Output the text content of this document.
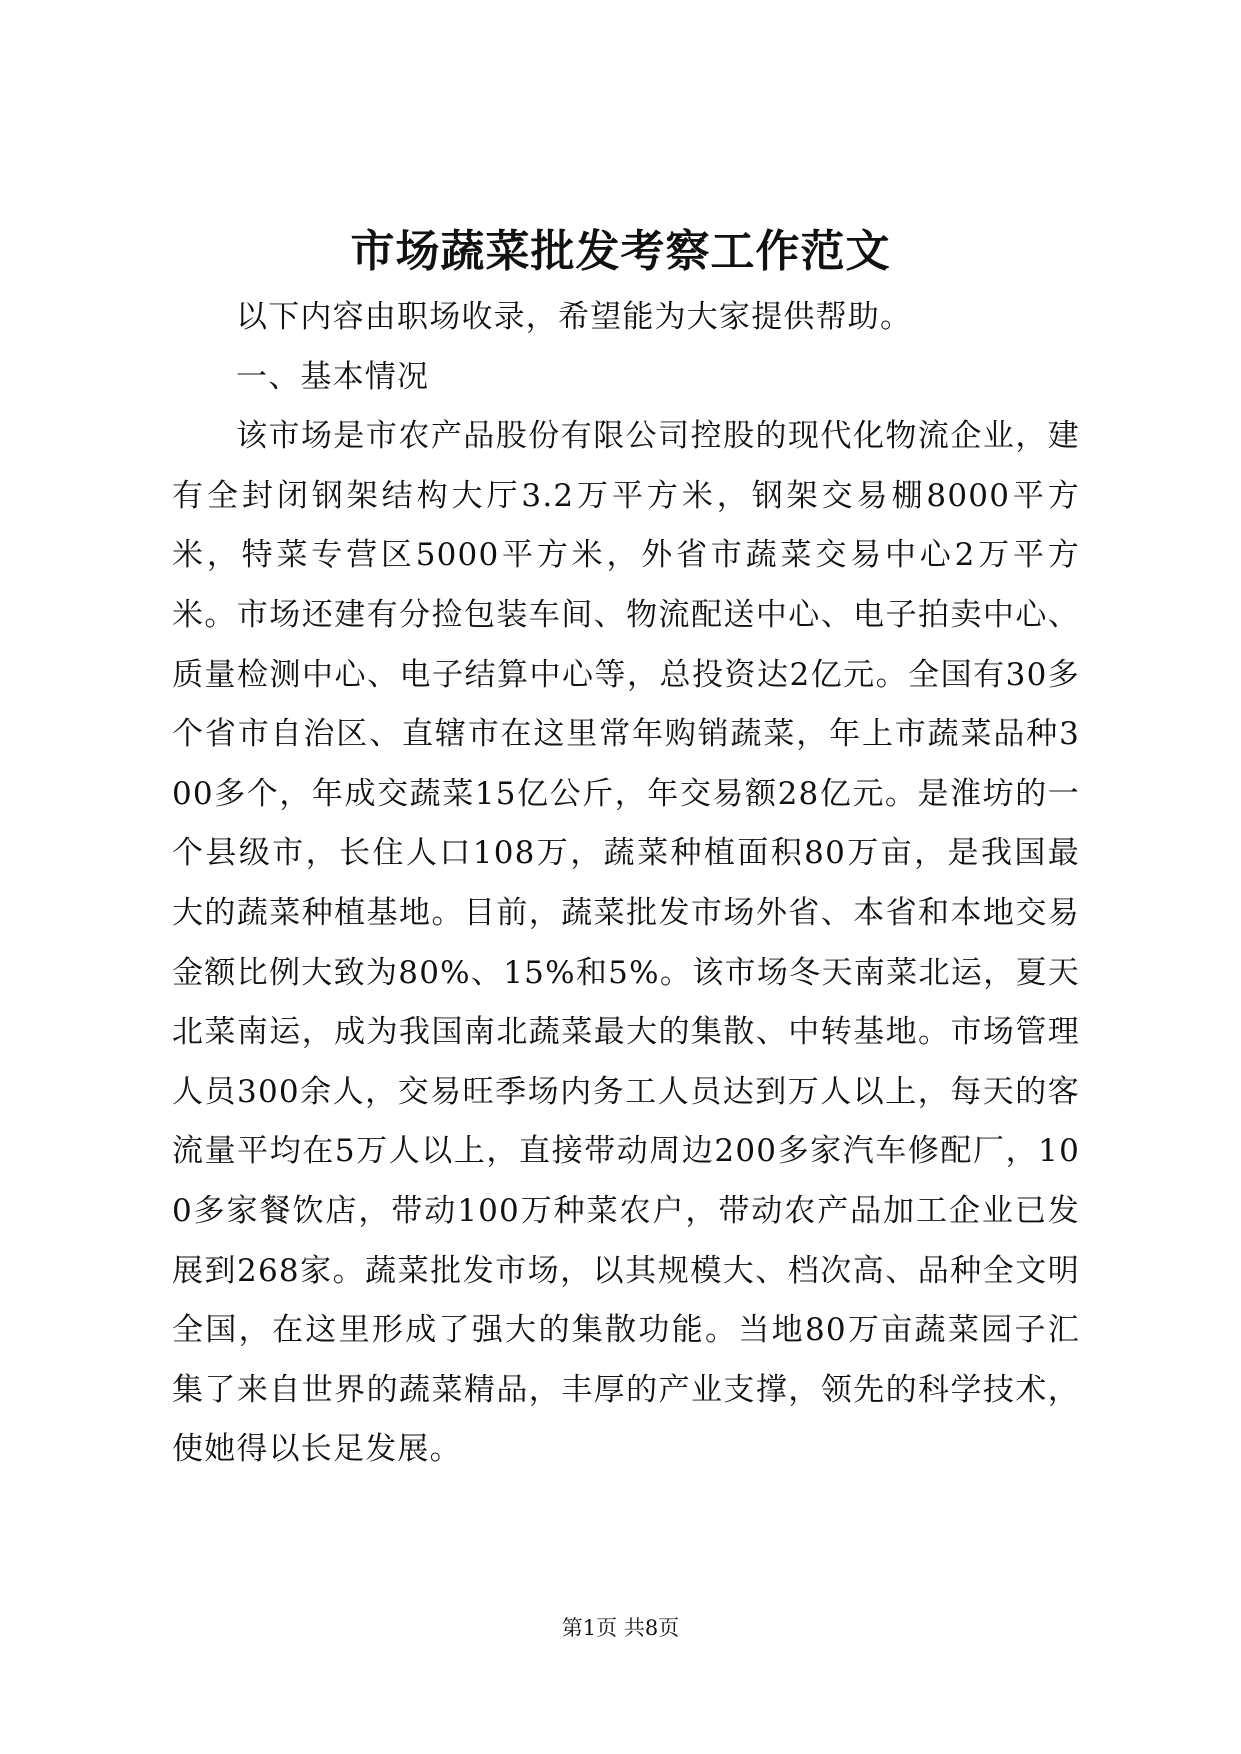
市场蔬菜批发考察工作范文

以下内容由职场收录，希望能为大家提供帮助。

一、基本情况

该市场是市农产品股份有限公司控股的现代化物流企业，建有全封闭钢架结构大厅3.2万平方米，钢架交易棚8000平方米，特菜专营区5000平方米，外省市蔬菜交易中心2万平方米。市场还建有分捡包装车间、物流配送中心、电子拍卖中心、质量检测中心、电子结算中心等，总投资达2亿元。全国有30多个省市自治区、直辖市在这里常年购销蔬菜，年上市蔬菜品种300多个，年成交蔬菜15亿公斤，年交易额28亿元。是淮坊的一个县级市，长住人口108万，蔬菜种植面积80万亩，是我国最大的蔬菜种植基地。目前，蔬菜批发市场外省、本省和本地交易金额比例大致为80%、15%和5%。该市场冬天南菜北运，夏天北菜南运，成为我国南北蔬菜最大的集散、中转基地。市场管理人员300余人，交易旺季场内务工人员达到万人以上，每天的客流量平均在5万人以上，直接带动周边200多家汽车修配厂，100多家餐饮店，带动100万种菜农户，带动农产品加工企业已发展到268家。蔬菜批发市场，以其规模大、档次高、品种全文明全国，在这里形成了强大的集散功能。当地80万亩蔬菜园子汇集了来自世界的蔬菜精品，丰厚的产业支撑，领先的科学技术，使她得以长足发展。

第1页 共8页
